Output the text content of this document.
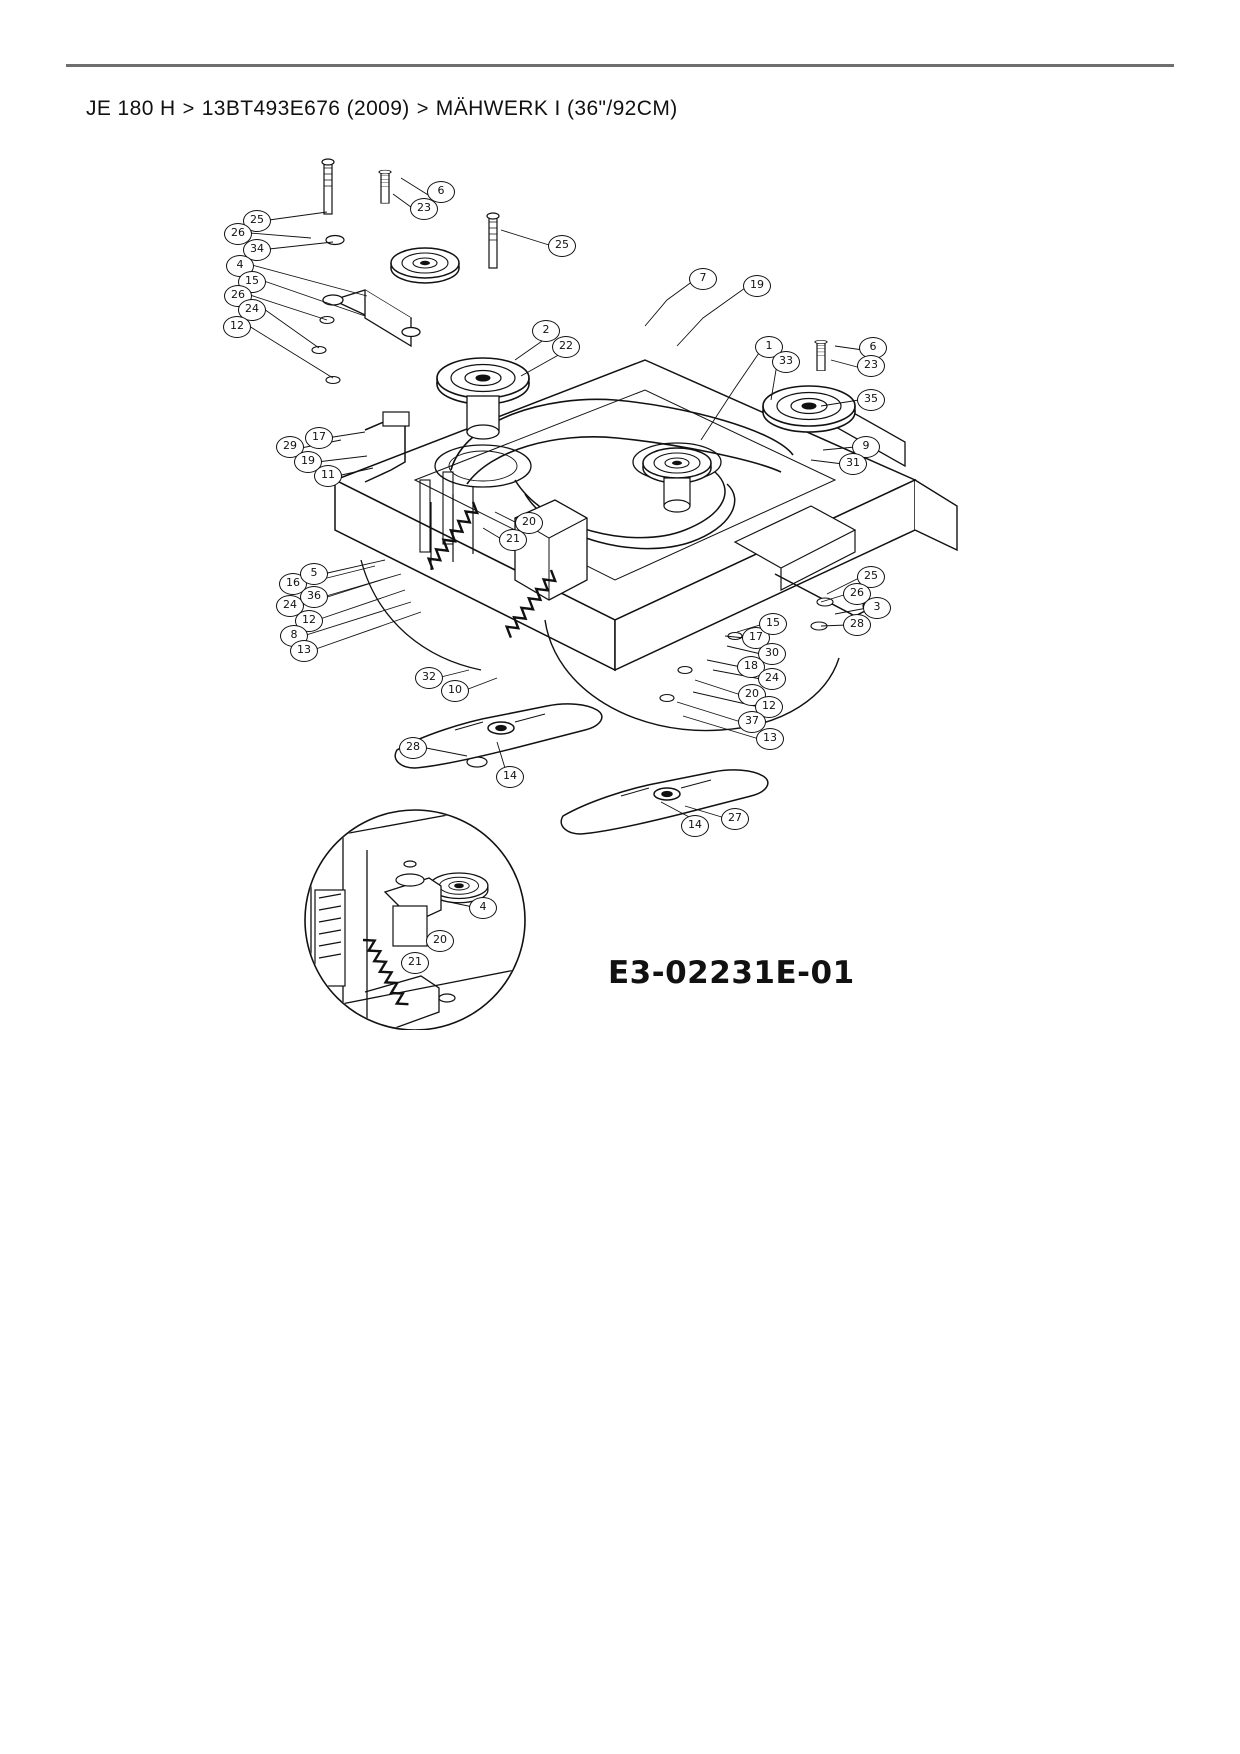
JE 180 H > 13BT493E676 (2009) > MÄHWERK I (36"/92CM)
25
26
34
4
15
26
24
12
6
23
25
7
19
2
22	1
33
6
23
35
9
31
29
17
19
11
20
21
25
26
3
28
16
5
24
36
12
8
13
17
15
30
18
24
20
12
37
13
32
10
28
14
14
27
4
20
21	E3-02231E-01
